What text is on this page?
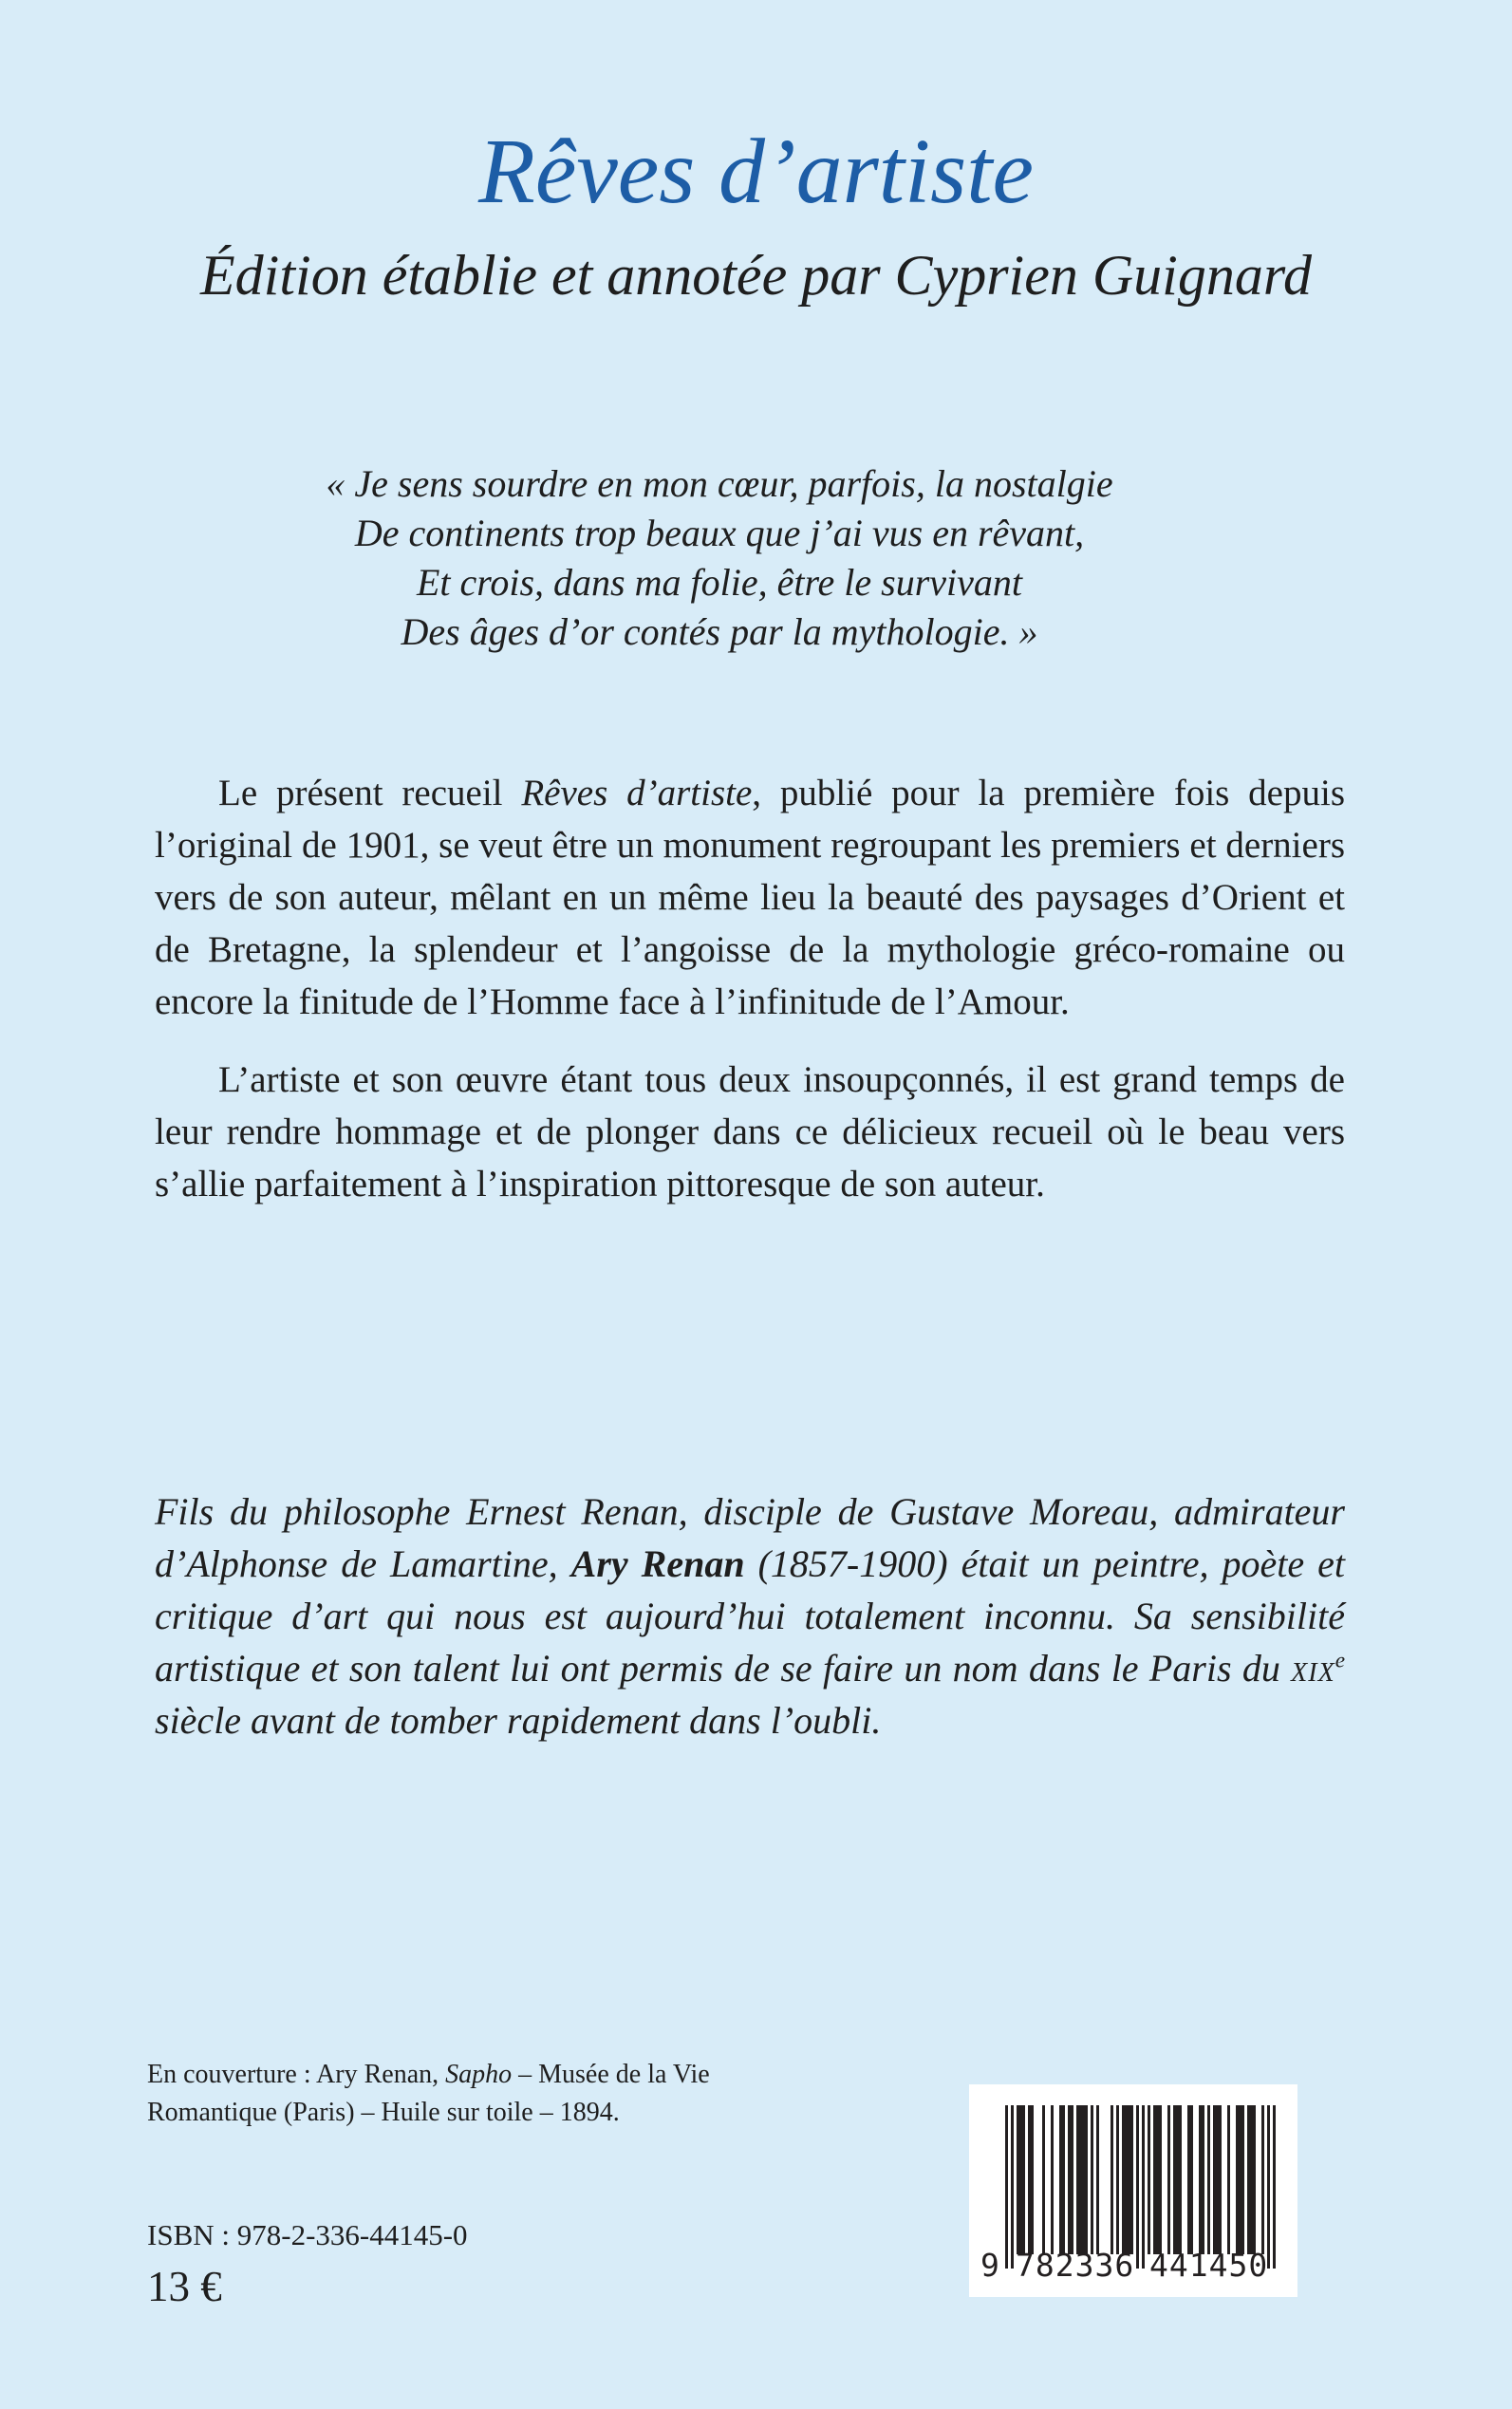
Rêves d’artiste
Édition établie et annotée par Cyprien Guignard
« Je sens sourdre en mon cœur, parfois, la nostalgie
De continents trop beaux que j’ai vus en rêvant,
Et crois, dans ma folie, être le survivant
Des âges d’or contés par la mythologie. »

Le présent recueil Rêves d’artiste, publié pour la première fois depuis l’original de 1901, se veut être un monument regroupant les premiers et derniers vers de son auteur, mêlant en un même lieu la beauté des paysages d’Orient et de Bretagne, la splendeur et l’angoisse de la mythologie gréco-romaine ou encore la finitude de l’Homme face à l’infinitude de l’Amour.

L’artiste et son œuvre étant tous deux insoupçonnés, il est grand temps de leur rendre hommage et de plonger dans ce délicieux recueil où le beau vers s’allie parfaitement à l’inspiration pittoresque de son auteur.

Fils du philosophe Ernest Renan, disciple de Gustave Moreau, admirateur d’Alphonse de Lamartine, Ary Renan (1857-1900) était un peintre, poète et critique d’art qui nous est aujourd’hui totalement inconnu. Sa sensibilité artistique et son talent lui ont permis de se faire un nom dans le Paris du xix$^e$ siècle avant de tomber rapidement dans l’oubli.
En couverture : Ary Renan, Sapho – Musée de la Vie Romantique (Paris) – Huile sur toile – 1894.
ISBN : 978-2-336-44145-0
13 €	9 782336 441450
